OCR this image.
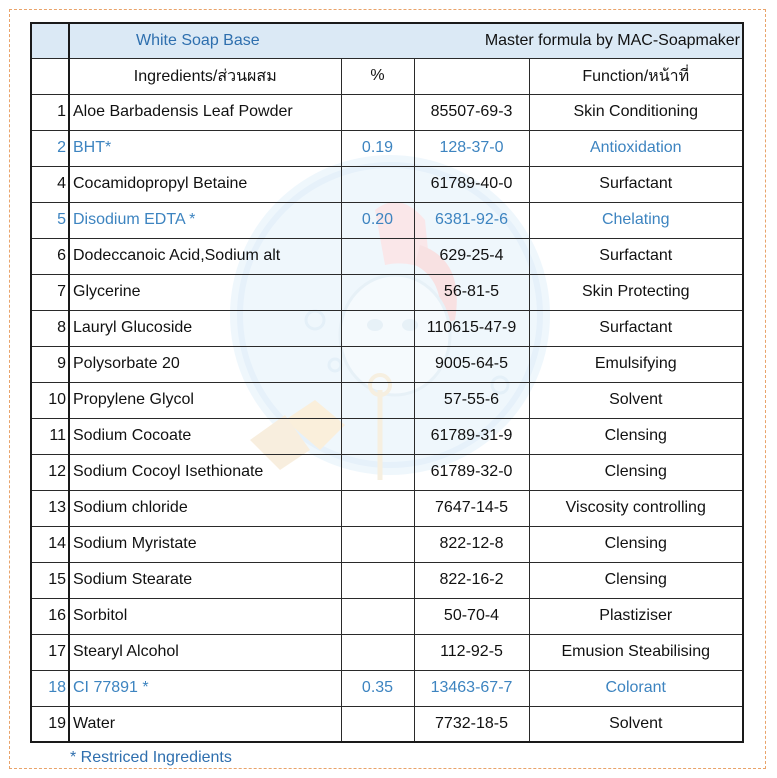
	White Soap Base		Master formula by MAC-Soapmaker	
	Ingredients/ส่วนผสม	%		Function/หน้าที่
1	Aloe Barbadensis Leaf Powder		85507-69-3	Skin Conditioning
2	BHT*	0.19	128-37-0	Antioxidation
4	Cocamidopropyl Betaine		61789-40-0	Surfactant
5	Disodium EDTA *	0.20	6381-92-6	Chelating
6	Dodeccanoic Acid,Sodium alt		629-25-4	Surfactant
7	Glycerine		56-81-5	Skin Protecting
8	Lauryl Glucoside		110615-47-9	Surfactant
9	Polysorbate 20		9005-64-5	Emulsifying
10	Propylene Glycol		57-55-6	Solvent
11	Sodium Cocoate		61789-31-9	Clensing
12	Sodium Cocoyl Isethionate		61789-32-0	Clensing
13	Sodium chloride		7647-14-5	Viscosity controlling
14	Sodium Myristate		822-12-8	Clensing
15	Sodium Stearate		822-16-2	Clensing
16	Sorbitol		50-70-4	Plastiziser
17	Stearyl Alcohol		112-92-5	Emusion Steabilising
18	CI 77891 *	0.35	13463-67-7	Colorant
19	Water		7732-18-5	Solvent
* Restriced Ingredients
